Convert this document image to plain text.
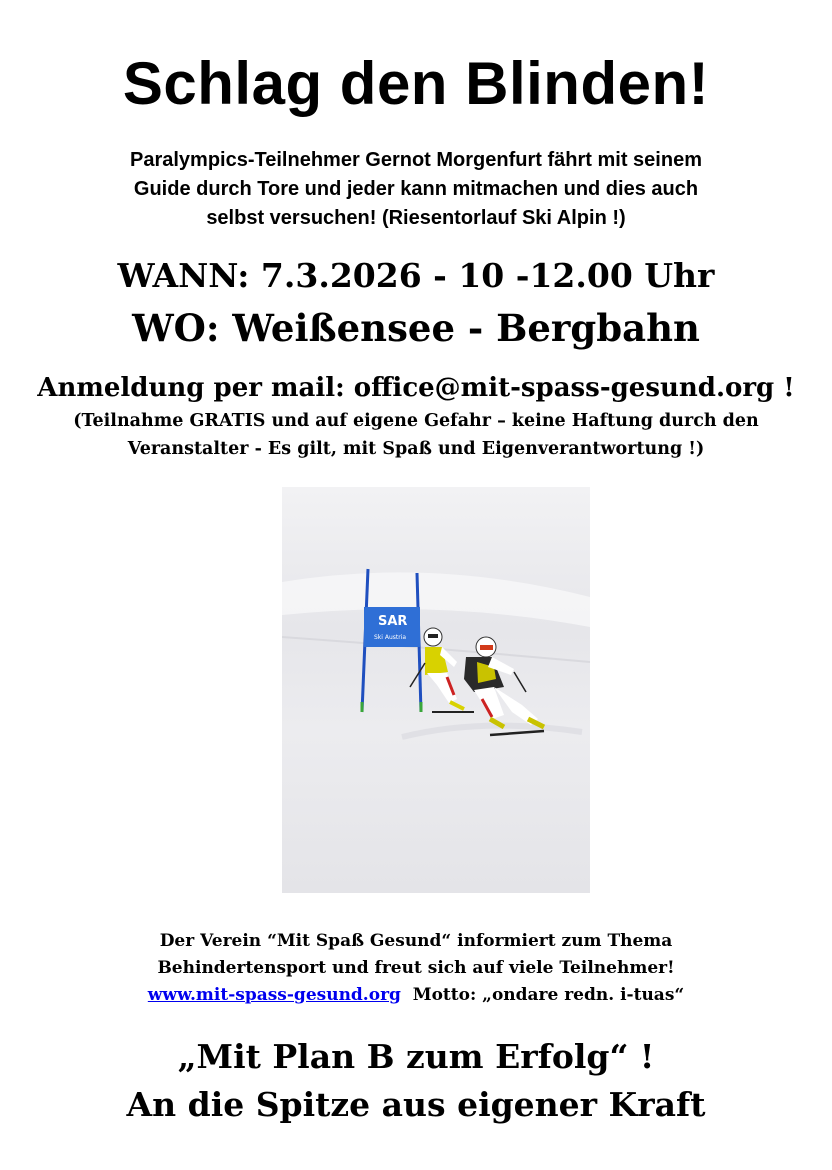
Schlag den Blinden!
Paralympics-Teilnehmer Gernot Morgenfurt fährt mit seinem
Guide durch Tore und jeder kann mitmachen und dies auch
selbst versuchen! (Riesentorlauf Ski Alpin !)
WANN: 7.3.2026 - 10 -12.00 Uhr
WO: Weißensee - Bergbahn
Anmeldung per mail: office@mit-spass-gesund.org !
(Teilnahme GRATIS und auf eigene Gefahr – keine Haftung durch den
Veranstalter - Es gilt, mit Spaß und Eigenverantwortung !)
SAR
Ski Austria
Der Verein “Mit Spaß Gesund“ informiert zum Thema
Behindertensport und freut sich auf viele Teilnehmer!
www.mit-spass-gesund.org Motto: „ondare redn. i-tuas“
„Mit Plan B zum Erfolg“ !
An die Spitze aus eigener Kraft
